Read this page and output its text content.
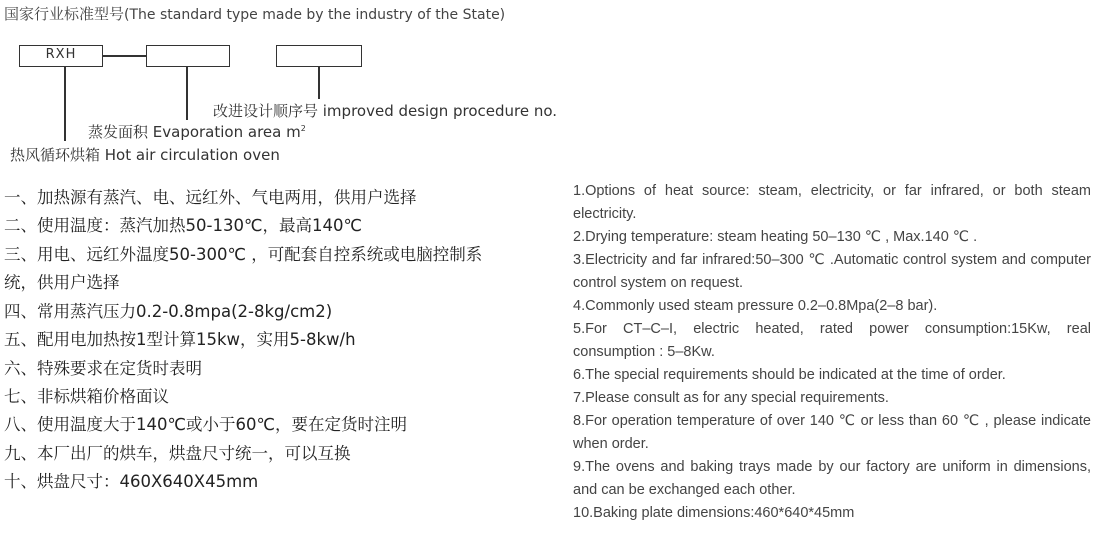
国家行业标准型号(The standard type made by the industry of the State)
RXH
改进设计顺序号 improved design procedure no.
蒸发面积 Evaporation area $m^2$
热风循环烘箱 Hot air circulation oven
一、加热源有蒸汽、电、远红外、气电两用，供用户选择
二、使用温度：蒸汽加热50-130℃，最高140℃
三、用电、远红外温度50-300℃ ，可配套自控系统或电脑控制系
统，供用户选择
四、常用蒸汽压力0.2-0.8mpa(2-8kg/cm2)
五、配用电加热按1型计算15kw，实用5-8kw/h
六、特殊要求在定货时表明
七、非标烘箱价格面议
八、使用温度大于140℃或小于60℃，要在定货时注明
九、本厂出厂的烘车，烘盘尺寸统一，可以互换
十、烘盘尺寸：460X640X45mm
1.Options of heat source: steam, electricity, or far infrared, or both steam electricity.
2.Drying temperature: steam heating 50–130 ℃ , Max.140 ℃ .
3.Electricity and far infrared:50–300 ℃ .Automatic control system and computer control system on request.
4.Commonly used steam pressure 0.2–0.8Mpa(2–8 bar).
5.For CT–C–I, electric heated, rated power consumption:15Kw, real consumption : 5–8Kw.
6.The special requirements should be indicated at the time of order.
7.Please consult as for any special requirements.
8.For operation temperature of over 140 ℃ or less than 60 ℃ , please indicate when order.
9.The ovens and baking trays made by our factory are uniform in dimensions, and can be exchanged each other.
10.Baking plate dimensions:460*640*45mm
